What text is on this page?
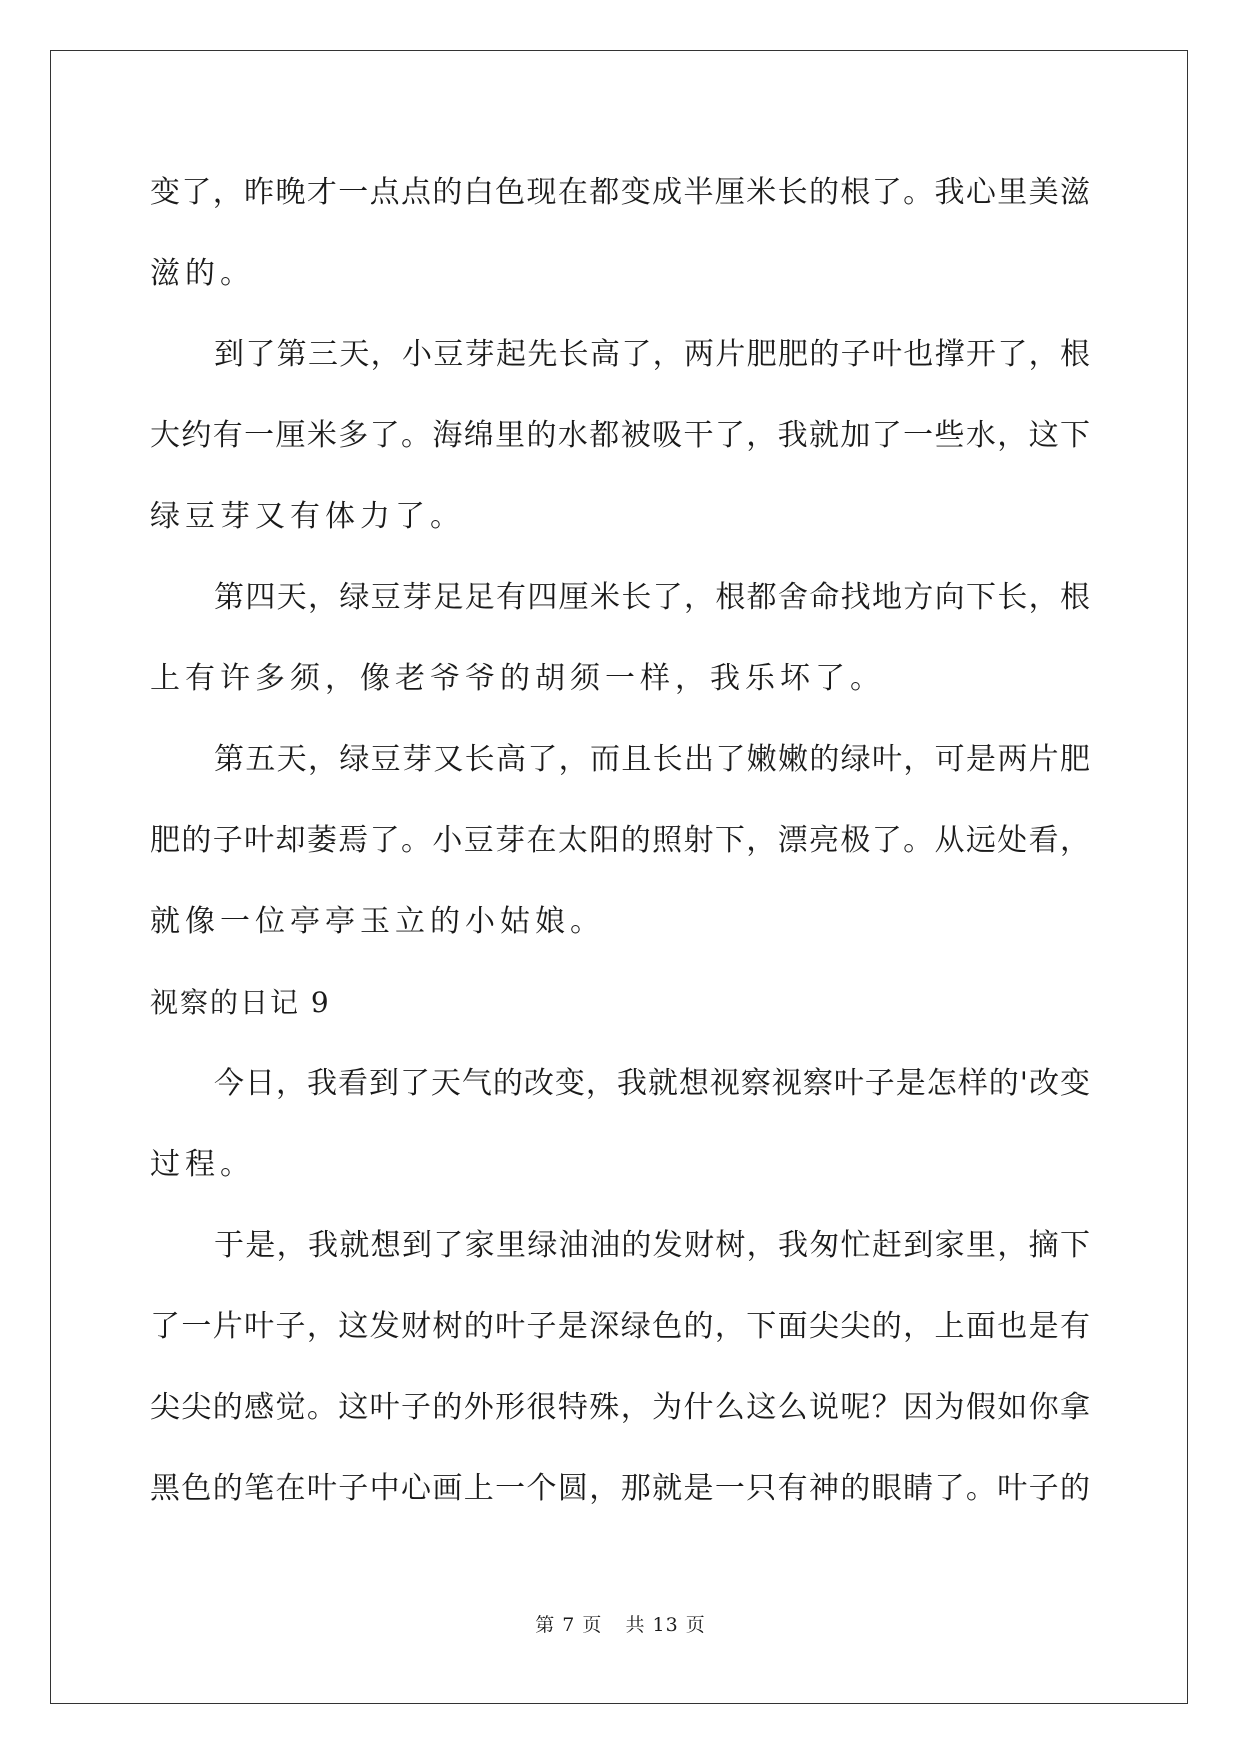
变了，昨晚才一点点的白色现在都变成半厘米长的根了。我心里美滋
滋的。
到了第三天，小豆芽起先长高了，两片肥肥的子叶也撑开了，根
大约有一厘米多了。海绵里的水都被吸干了，我就加了一些水，这下
绿豆芽又有体力了。
第四天，绿豆芽足足有四厘米长了，根都舍命找地方向下长，根
上有许多须，像老爷爷的胡须一样，我乐坏了。
第五天，绿豆芽又长高了，而且长出了嫩嫩的绿叶，可是两片肥
肥的子叶却萎焉了。小豆芽在太阳的照射下，漂亮极了。从远处看，
就像一位亭亭玉立的小姑娘。
视察的日记 9
今日，我看到了天气的改变，我就想视察视察叶子是怎样的'改变
过程。
于是，我就想到了家里绿油油的发财树，我匆忙赶到家里，摘下
了一片叶子，这发财树的叶子是深绿色的，下面尖尖的，上面也是有
尖尖的感觉。这叶子的外形很特殊，为什么这么说呢？因为假如你拿
黑色的笔在叶子中心画上一个圆，那就是一只有神的眼睛了。叶子的
第 7 页 共 13 页
